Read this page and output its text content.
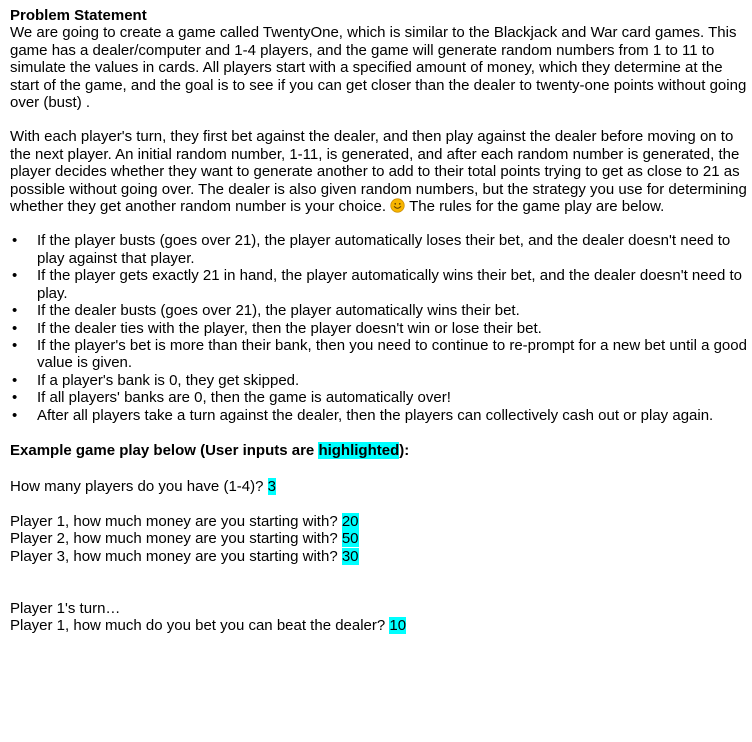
Problem Statement

We are going to create a game called TwentyOne, which is similar to the Blackjack and War card games. This game has a dealer/computer and 1-4 players, and the game will generate random numbers from 1 to 11 to simulate the values in cards. All players start with a specified amount of money, which they determine at the start of the game, and the goal is to see if you can get closer than the dealer to twenty-one points without going over (bust) .

With each player's turn, they first bet against the dealer, and then play against the dealer before moving on to the next player. An initial random number, 1-11, is generated, and after each random number is generated, the player decides whether they want to generate another to add to their total points trying to get as close to 21 as possible without going over. The dealer is also given random numbers, but the strategy you use for determining whether they get another random number is your choice. The rules for the game play are below.

• If the player busts (goes over 21), the player automatically loses their bet, and the dealer doesn't need to play against that player.
• If the player gets exactly 21 in hand, the player automatically wins their bet, and the dealer doesn't need to play.
• If the dealer busts (goes over 21), the player automatically wins their bet.
• If the dealer ties with the player, then the player doesn't win or lose their bet.
• If the player's bet is more than their bank, then you need to continue to re-prompt for a new bet until a good value is given.
• If a player's bank is 0, they get skipped.
• If all players' banks are 0, then the game is automatically over!
• After all players take a turn against the dealer, then the players can collectively cash out or play again.

Example game play below (User inputs are highlighted):

How many players do you have (1-4)? 3

Player 1, how much money are you starting with? 20

Player 2, how much money are you starting with? 50

Player 3, how much money are you starting with? 30

Player 1's turn…

Player 1, how much do you bet you can beat the dealer? 10
